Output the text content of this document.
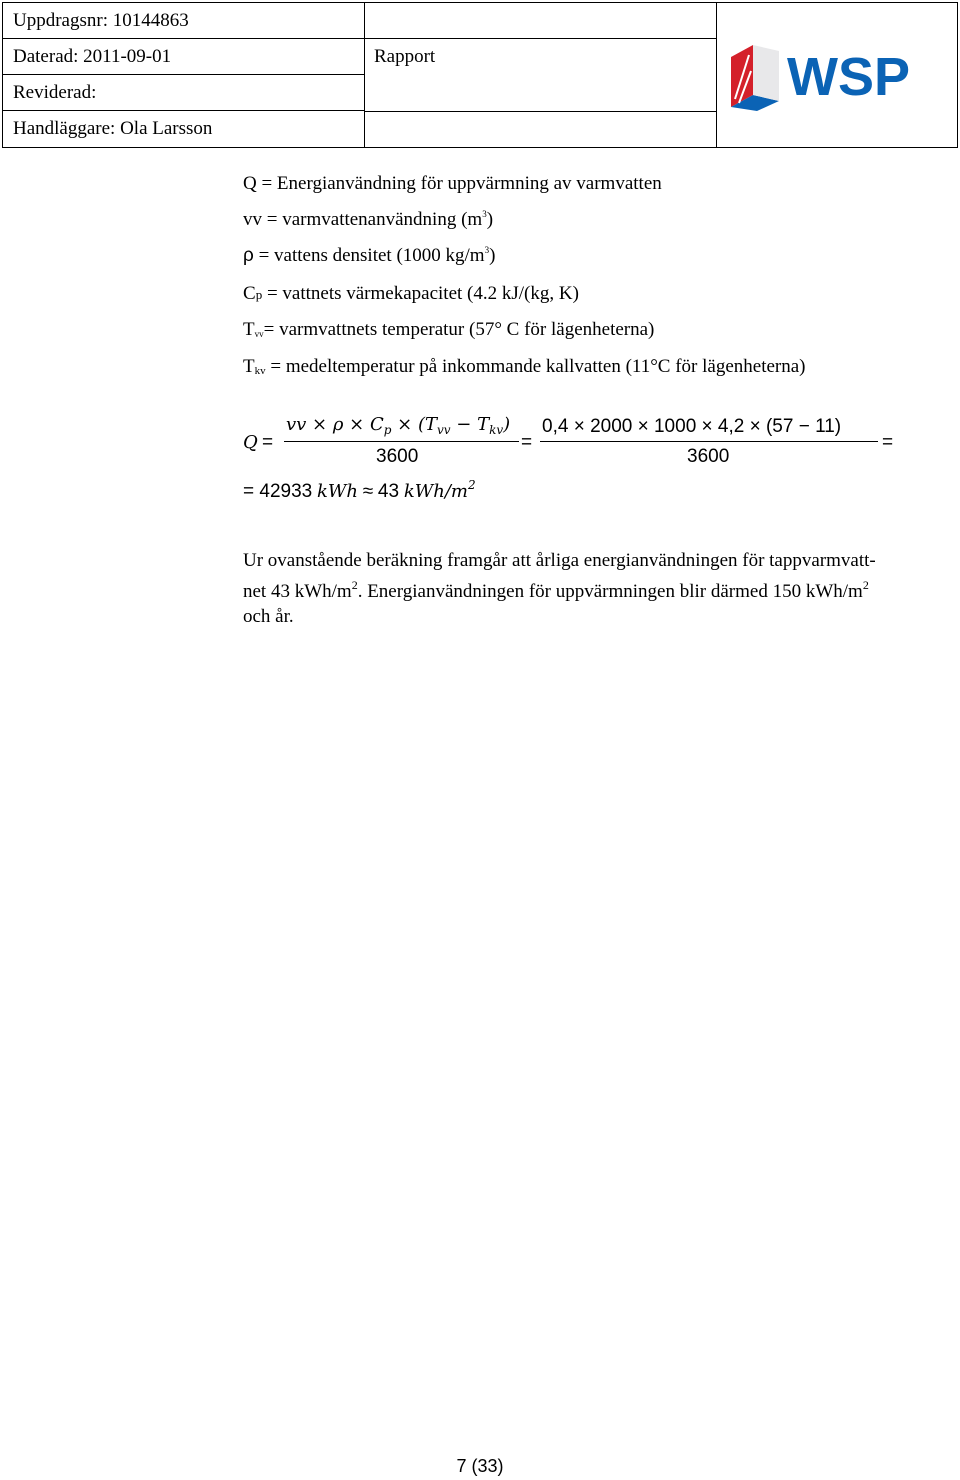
Uppdragsnr: 10144863
Daterad: 2011-09-01
Reviderad:
Handläggare: Ola Larsson
Rapport	WSP
Q = Energianvändning för uppvärmning av varmvatten
vv = varmvattenanvändning $(m^3)$
ρ = vattens densitet (1000 $kg/m^3$)
Cp = vattnets värmekapacitet (4.2 kJ/(kg, K)
$T_{vv}=$ varmvattnets temperatur (57° C för lägenheterna)
Tkv = medeltemperatur på inkommande kallvatten (11°C för lägenheterna)
Q =
vv × $\rho \times C_p \times (T_{vv} - T_{kv})$
3600
=
0,4 × 2000 × 1000 × 4,2 × (57 − 11)
3600
=
= 42933 kWh ≈ 43 kWh/$m^2$
Ur ovanstående beräkning framgår att årliga energianvändningen för tappvarmvatt-
net 43 kWh/$m^2$. Energianvändningen för uppvärmningen blir därmed 150 kWh/$m^2$
och år.
7 (33)
